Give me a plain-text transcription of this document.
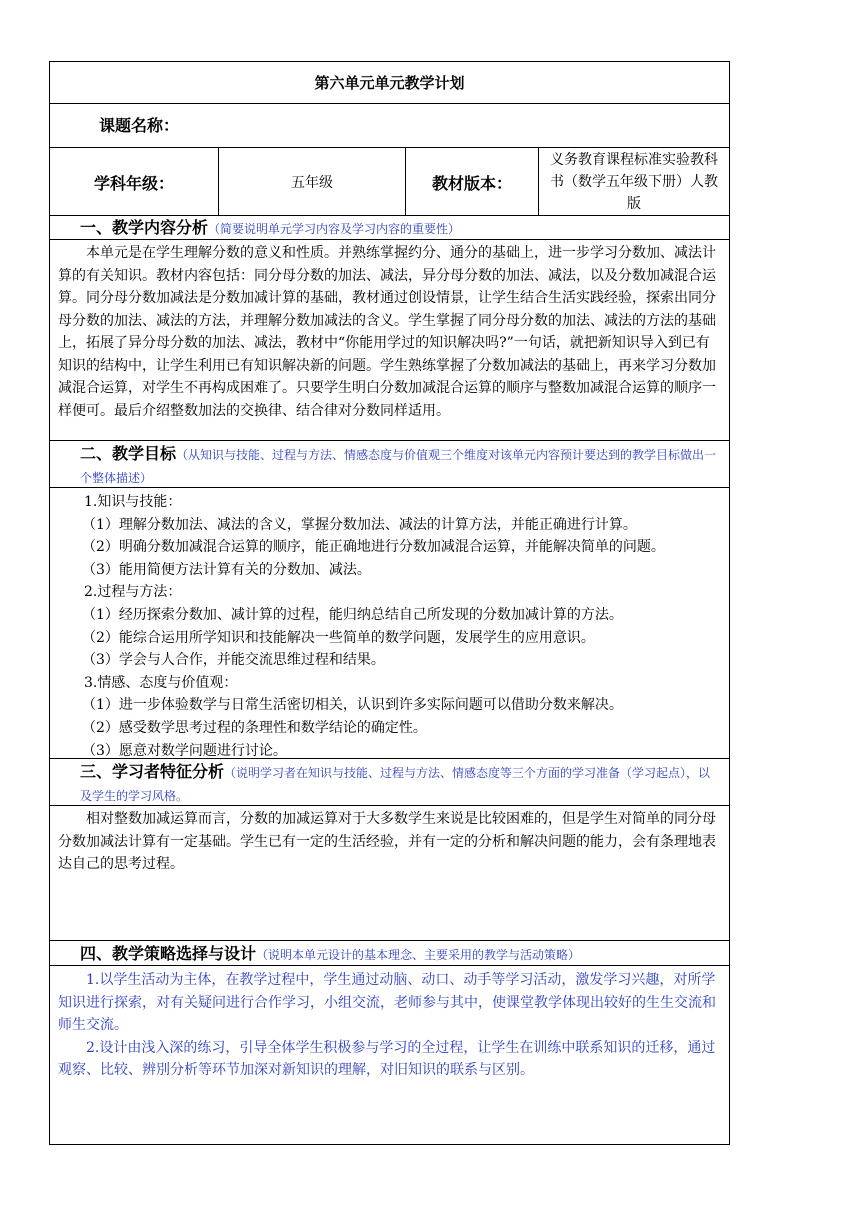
第六单元单元教学计划
课题名称：
学科年级：	五年级	教材版本：
义务教育课程标准实验教科书（数学五年级下册）人教版
一、教学内容分析（简要说明单元学习内容及学习内容的重要性）

本单元是在学生理解分数的意义和性质。并熟练掌握约分、通分的基础上，进一步学习分数加、减法计算的有关知识。教材内容包括：同分母分数的加法、减法，异分母分数的加法、减法，以及分数加减混合运算。同分母分数加减法是分数加减计算的基础，教材通过创设情景，让学生结合生活实践经验，探索出同分母分数的加法、减法的方法，并理解分数加减法的含义。学生掌握了同分母分数的加法、减法的方法的基础上，拓展了异分母分数的加法、减法，教材中“你能用学过的知识解决吗?”一句话，就把新知识导入到已有知识的结构中，让学生利用已有知识解决新的问题。学生熟练掌握了分数加减法的基础上，再来学习分数加减混合运算，对学生不再构成困难了。只要学生明白分数加减混合运算的顺序与整数加减混合运算的顺序一样便可。最后介绍整数加法的交换律、结合律对分数同样适用。

二、教学目标（从知识与技能、过程与方法、情感态度与价值观三个维度对该单元内容预计要达到的教学目标做出一个整体描述）

1.知识与技能：

（1）理解分数加法、减法的含义，掌握分数加法、减法的计算方法，并能正确进行计算。

（2）明确分数加减混合运算的顺序，能正确地进行分数加减混合运算，并能解决简单的问题。

（3）能用简便方法计算有关的分数加、减法。

2.过程与方法：

（1）经历探索分数加、减计算的过程，能归纳总结自己所发现的分数加减计算的方法。

（2）能综合运用所学知识和技能解决一些简单的数学问题，发展学生的应用意识。

（3）学会与人合作，并能交流思维过程和结果。

3.情感、态度与价值观：

（1）进一步体验数学与日常生活密切相关，认识到许多实际问题可以借助分数来解决。

（2）感受数学思考过程的条理性和数学结论的确定性。

（3）愿意对数学问题进行讨论。

三、学习者特征分析（说明学习者在知识与技能、过程与方法、情感态度等三个方面的学习准备（学习起点），以及学生的学习风格。

相对整数加减运算而言，分数的加减运算对于大多数学生来说是比较困难的，但是学生对简单的同分母分数加减法计算有一定基础。学生已有一定的生活经验，并有一定的分析和解决问题的能力，会有条理地表达自己的思考过程。

四、教学策略选择与设计（说明本单元设计的基本理念、主要采用的教学与活动策略）

1.以学生活动为主体，在教学过程中，学生通过动脑、动口、动手等学习活动，激发学习兴趣，对所学知识进行探索，对有关疑问进行合作学习，小组交流，老师参与其中，使课堂教学体现出较好的生生交流和师生交流。

2.设计由浅入深的练习，引导全体学生积极参与学习的全过程，让学生在训练中联系知识的迁移，通过观察、比较、辨別分析等环节加深对新知识的理解，对旧知识的联系与区别。
